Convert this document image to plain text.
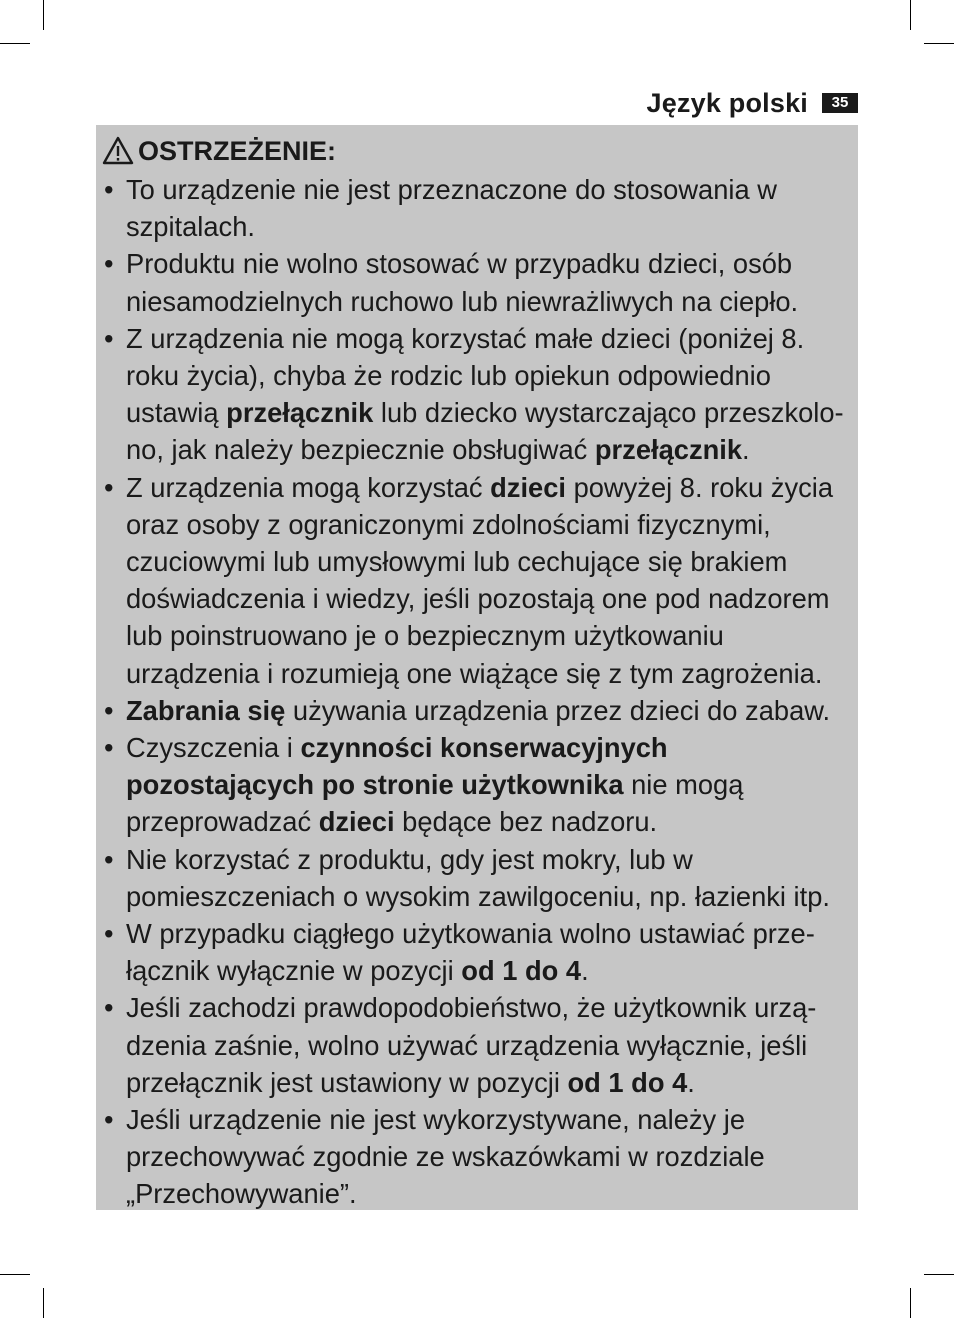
Język polski	35
OSTRZEŻENIE:
• To urządzenie nie jest przeznaczone do stosowania w szpitalach.
• Produktu nie wolno stosować w przypadku dzieci, osób niesamodzielnych ruchowo lub niewrażliwych na ciepło.
• Z urządzenia nie mogą korzystać małe dzieci (poniżej 8. roku życia), chyba że rodzic lub opiekun odpowiednio ustawią przełącznik lub dziecko wystarczająco przeszkolo-no, jak należy bezpiecznie obsługiwać przełącznik.
• Z urządzenia mogą korzystać dzieci powyżej 8. roku życia oraz osoby z ograniczonymi zdolnościami fizycznymi, czuciowymi lub umysłowymi lub cechujące się brakiem doświadczenia i wiedzy, jeśli pozostają one pod nadzorem lub poinstruowano je o bezpiecznym użytkowaniu urządzenia i rozumieją one wiążące się z tym zagrożenia.
• Zabrania się używania urządzenia przez dzieci do zabaw.
• Czyszczenia i czynności konserwacyjnych pozostających po stronie użytkownika nie mogą przeprowadzać dzieci będące bez nadzoru.
• Nie korzystać z produktu, gdy jest mokry, lub w pomieszczeniach o wysokim zawilgoceniu, np. łazienki itp.
• W przypadku ciągłego użytkowania wolno ustawiać prze-łącznik wyłącznie w pozycji od 1 do 4.
• Jeśli zachodzi prawdopodobieństwo, że użytkownik urzą-dzenia zaśnie, wolno używać urządzenia wyłącznie, jeśli przełącznik jest ustawiony w pozycji od 1 do 4.
• Jeśli urządzenie nie jest wykorzystywane, należy je przechowywać zgodnie ze wskazówkami w rozdziale „Przechowywanie”.
